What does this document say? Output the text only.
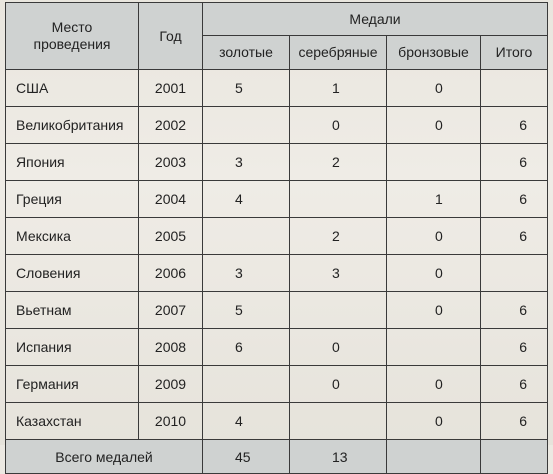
Место проведения	Год	Медали			
		золотые	серебряные	бронзовые	Итого
США	2001	5	1	0	

Великобритания	2002		0	0	6

Япония	2003	3	2		6

Греция	2004	4		1	6

Мексика	2005		2	0	6

Словения	2006	3	3	0	

Вьетнам	2007	5		0	6

Испания	2008	6	0		6

Германия	2009		0	0	6

Казахстан	2010	4		0	6

Всего медалей		45	13		
